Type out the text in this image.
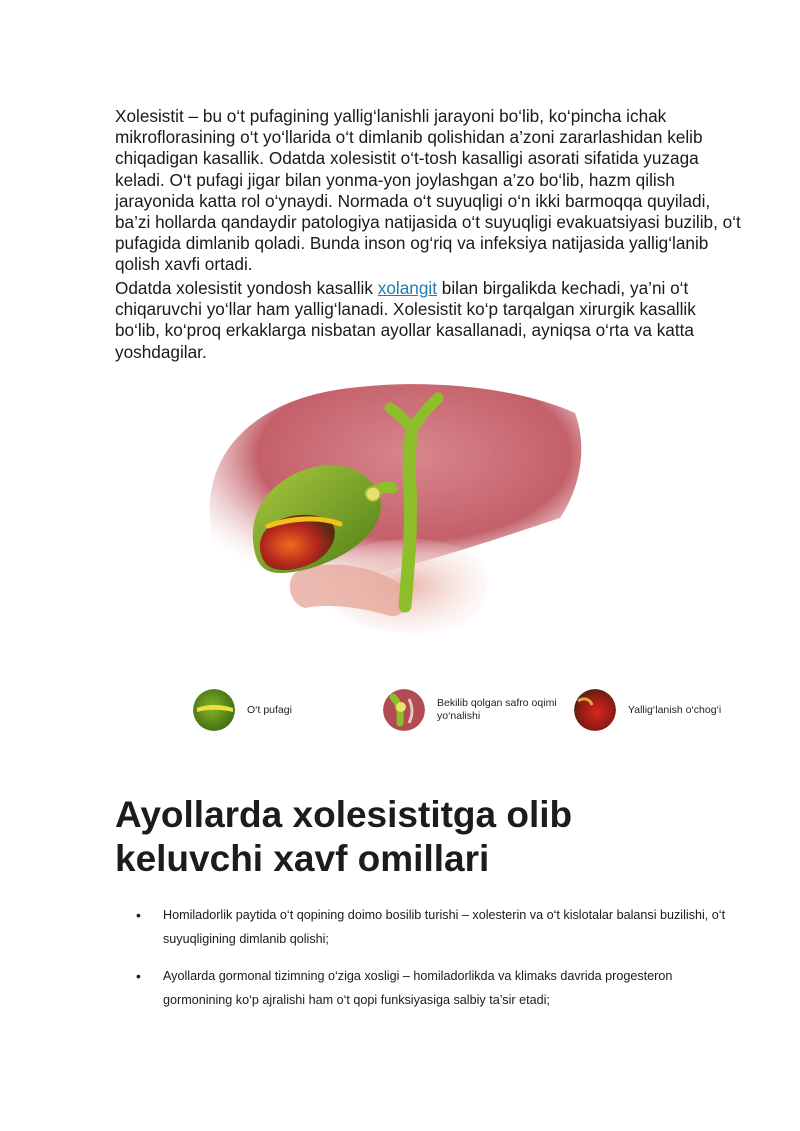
Xolesistit – bu o‘t pufagining yallig‘lanishli jarayoni bo‘lib, ko‘pincha ichak mikroflorasining o‘t yo‘llarida o‘t dimlanib qolishidan a’zoni zararlashidan kelib chiqadigan kasallik. Odatda xolesistit o‘t-tosh kasalligi asorati sifatida yuzaga keladi. O‘t pufagi jigar bilan yonma-yon joylashgan a’zo bo‘lib, hazm qilish jarayonida katta rol o‘ynaydi. Normada o‘t suyuqligi o‘n ikki barmoqqa quyiladi, ba’zi hollarda qandaydir patologiya natijasida o‘t suyuqligi evakuatsiyasi buzilib, o‘t pufagida dimlanib qoladi. Bunda inson og‘riq va infeksiya natijasida yallig‘lanib qolish xavfi ortadi.

Odatda xolesistit yondosh kasallik xolangit bilan birgalikda kechadi, ya’ni o‘t chiqaruvchi yo‘llar ham yallig‘lanadi. Xolesistit ko‘p tarqalgan xirurgik kasallik bo‘lib, ko‘proq erkaklarga nisbatan ayollar kasallanadi, ayniqsa o‘rta va katta yoshdagilar.

O‘t pufagi
Bekilib qolgan safro oqimi yo‘nalishi
Yallig‘lanish o‘chog‘i
Ayollarda xolesistitga olib keluvchi xavf omillari
• Homiladorlik paytida o‘t qopining doimo bosilib turishi – xolesterin va o‘t kislotalar balansi buzilishi, o‘t suyuqligining dimlanib qolishi;
• Ayollarda gormonal tizimning o‘ziga xosligi – homiladorlikda va klimaks davrida progesteron gormonining ko‘p ajralishi ham o‘t qopi funksiyasiga salbiy ta’sir etadi;
